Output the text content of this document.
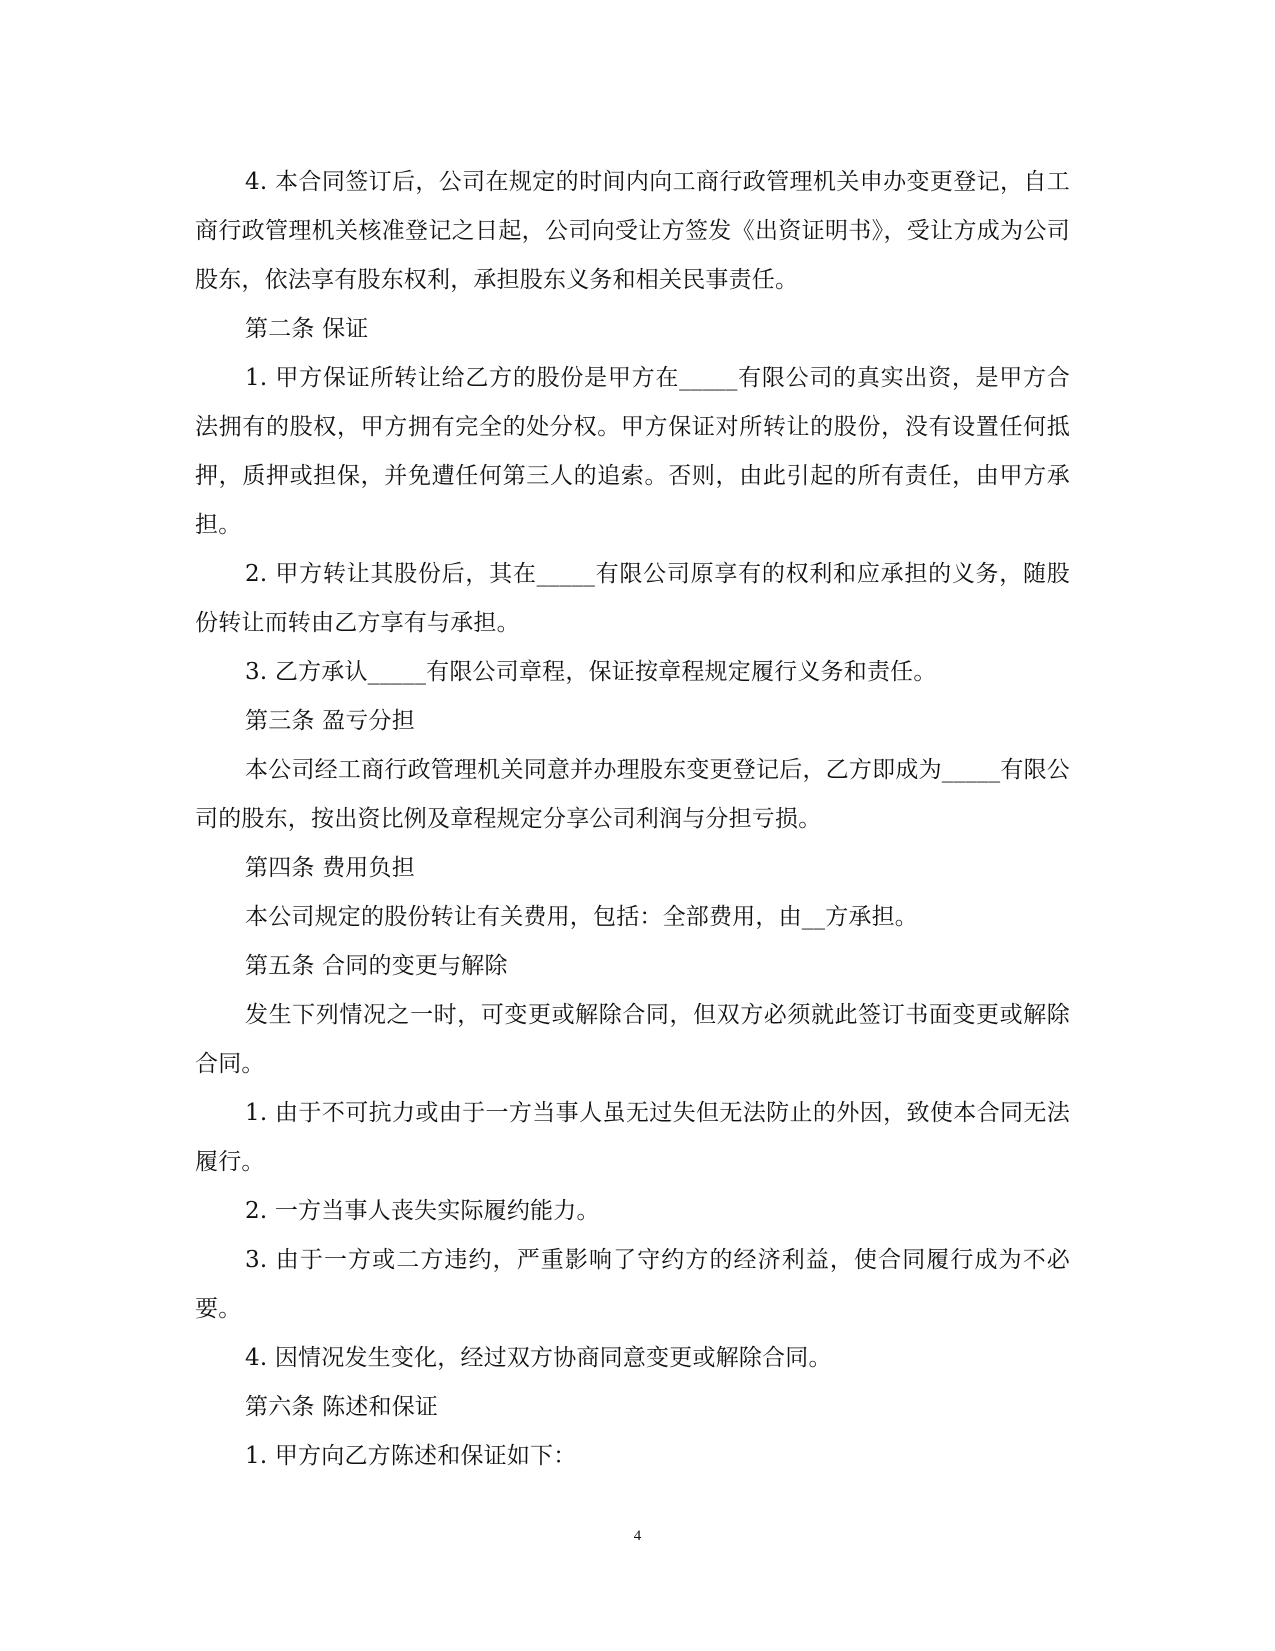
4. 本合同签订后，公司在规定的时间内向工商行政管理机关申办变更登记，自工商行政管理机关核准登记之日起，公司向受让方签发《出资证明书》，受让方成为公司股东，依法享有股东权利，承担股东义务和相关民事责任。

第二条 保证

1. 甲方保证所转让给乙方的股份是甲方在_____有限公司的真实出资，是甲方合法拥有的股权，甲方拥有完全的处分权。甲方保证对所转让的股份，没有设置任何抵押，质押或担保，并免遭任何第三人的追索。否则，由此引起的所有责任，由甲方承担。

2. 甲方转让其股份后，其在_____有限公司原享有的权利和应承担的义务，随股份转让而转由乙方享有与承担。

3. 乙方承认_____有限公司章程，保证按章程规定履行义务和责任。

第三条 盈亏分担

本公司经工商行政管理机关同意并办理股东变更登记后，乙方即成为_____有限公司的股东，按出资比例及章程规定分享公司利润与分担亏损。

第四条 费用负担

本公司规定的股份转让有关费用，包括：全部费用，由__方承担。

第五条 合同的变更与解除

发生下列情况之一时，可变更或解除合同，但双方必须就此签订书面变更或解除合同。

1. 由于不可抗力或由于一方当事人虽无过失但无法防止的外因，致使本合同无法履行。

2. 一方当事人丧失实际履约能力。

3. 由于一方或二方违约，严重影响了守约方的经济利益，使合同履行成为不必要。

4. 因情况发生变化，经过双方协商同意变更或解除合同。

第六条 陈述和保证

1. 甲方向乙方陈述和保证如下：

4
